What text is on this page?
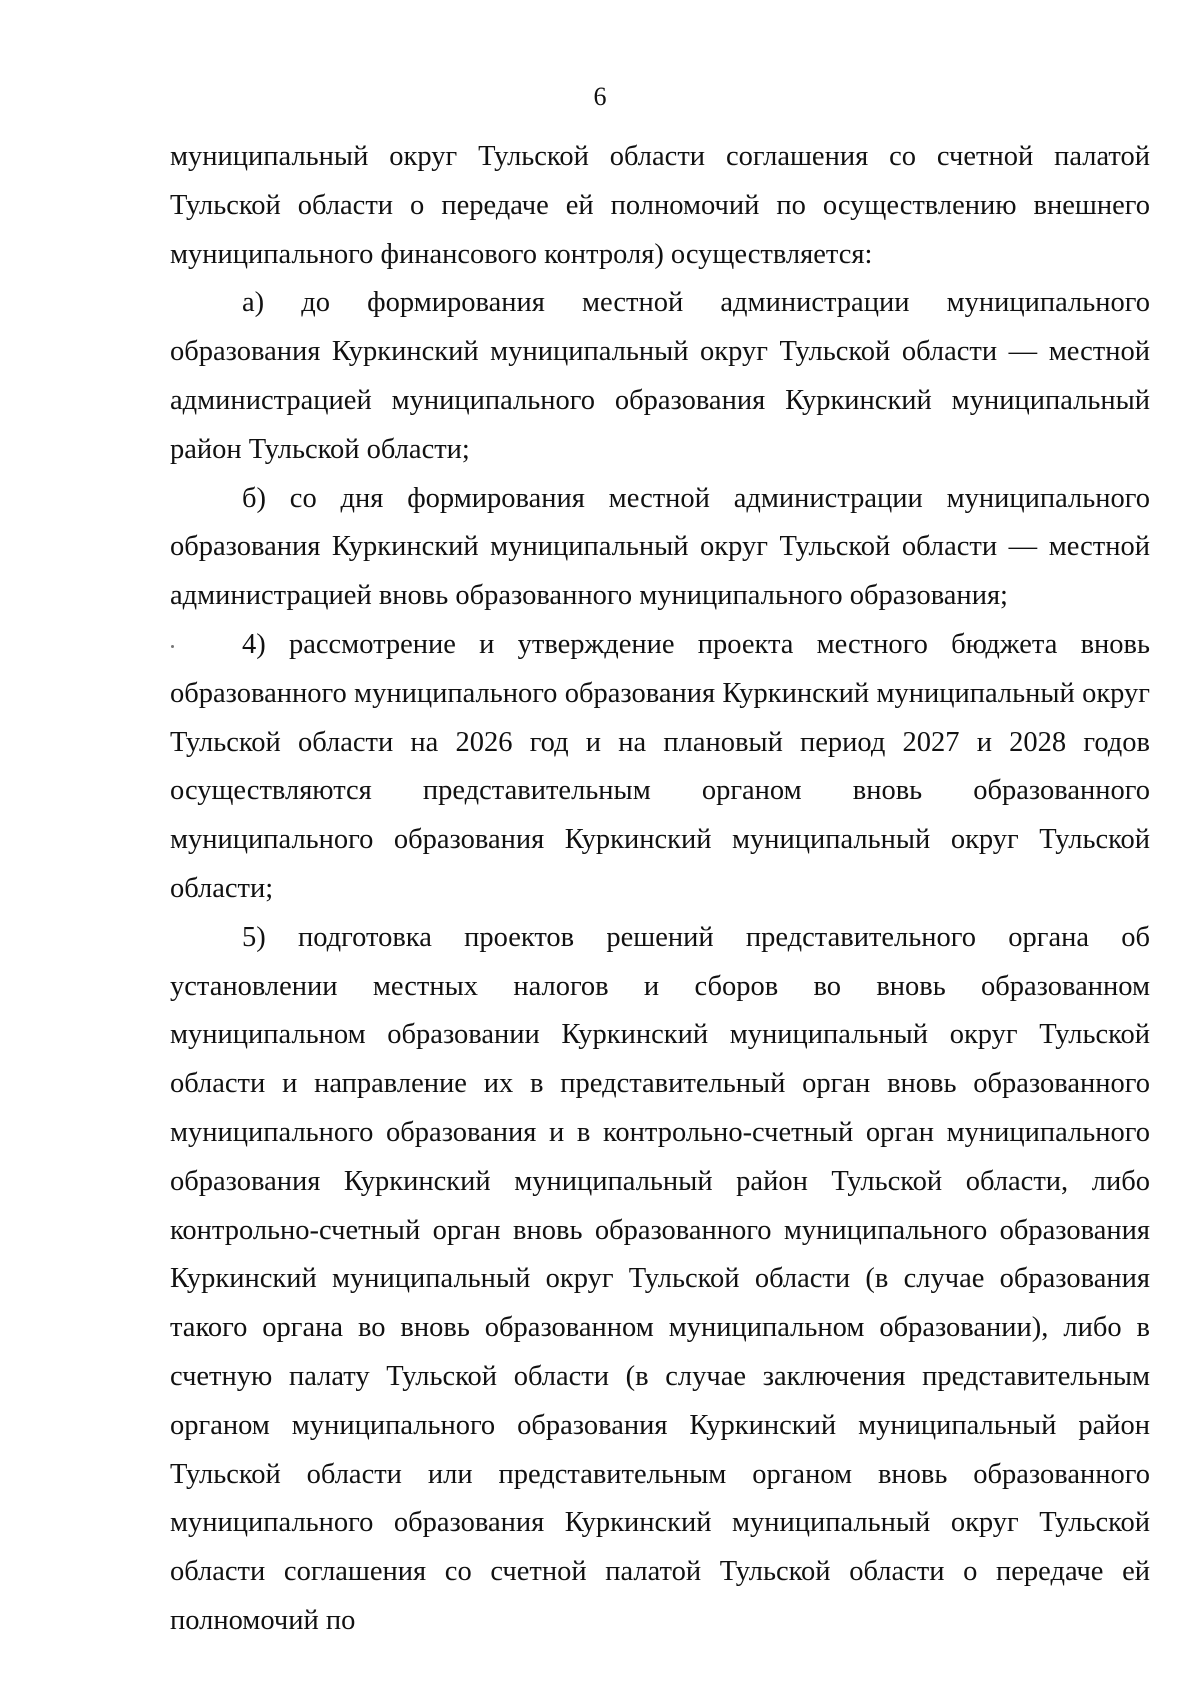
6

муниципальный округ Тульской области соглашения со счетной палатой Тульской области о передаче ей полномочий по осуществлению внешнего муниципального финансового контроля) осуществляется:

а) до формирования местной администрации муниципального образования Куркинский муниципальный округ Тульской области — местной администрацией муниципального образования Куркинский муниципальный район Тульской области;

б) со дня формирования местной администрации муниципального образования Куркинский муниципальный округ Тульской области — местной администрацией вновь образованного муниципального образования;

4) рассмотрение и утверждение проекта местного бюджета вновь образованного муниципального образования Куркинский муниципальный округ Тульской области на 2026 год и на плановый период 2027 и 2028 годов осуществляются представительным органом вновь образованного муниципального образования Куркинский муниципальный округ Тульской области;

5) подготовка проектов решений представительного органа об установлении местных налогов и сборов во вновь образованном муниципальном образовании Куркинский муниципальный округ Тульской области и направление их в представительный орган вновь образованного муниципального образования и в контрольно-счетный орган муниципального образования Куркинский муниципальный район Тульской области, либо контрольно-счетный орган вновь образованного муниципального образования Куркинский муниципальный округ Тульской области (в случае образования такого органа во вновь образованном муниципальном образовании), либо в счетную палату Тульской области (в случае заключения представительным органом муниципального образования Куркинский муниципальный район Тульской области или представительным органом вновь образованного муниципального образования Куркинский муниципальный округ Тульской области соглашения со счетной палатой Тульской области о передаче ей полномочий по
